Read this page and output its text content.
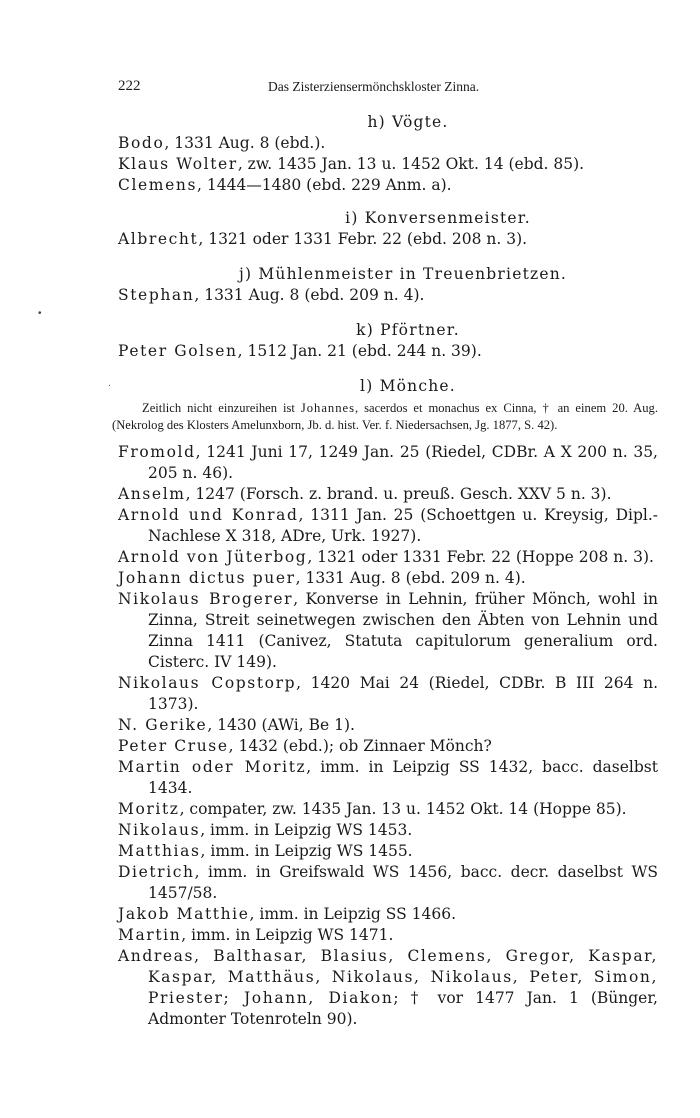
222	Das Zisterziensermönchskloster Zinna.
•
.

h) Vögte.

Bodo, 1331 Aug. 8 (ebd.).

Klaus Wolter, zw. 1435 Jan. 13 u. 1452 Okt. 14 (ebd. 85).

Clemens, 1444—1480 (ebd. 229 Anm. a).

i) Konversenmeister.

Albrecht, 1321 oder 1331 Febr. 22 (ebd. 208 n. 3).

j) Mühlenmeister in Treuenbrietzen.

Stephan, 1331 Aug. 8 (ebd. 209 n. 4).

k) Pförtner.

Peter Golsen, 1512 Jan. 21 (ebd. 244 n. 39).

l) Mönche.

Zeitlich nicht einzureihen ist Johannes, sacerdos et monachus ex Cinna, † an einem 20. Aug. (Nekrolog des Klosters Amelunxborn, Jb. d. hist. Ver. f. Niedersachsen, Jg. 1877, S. 42).

Fromold, 1241 Juni 17, 1249 Jan. 25 (Riedel, CDBr. A X 200 n. 35, 205 n. 46).

Anselm, 1247 (Forsch. z. brand. u. preuß. Gesch. XXV 5 n. 3).

Arnold und Konrad, 1311 Jan. 25 (Schoettgen u. Kreysig, Dipl.-Nachlese X 318, ADre, Urk. 1927).

Arnold von Jüterbog, 1321 oder 1331 Febr. 22 (Hoppe 208 n. 3).

Johann dictus puer, 1331 Aug. 8 (ebd. 209 n. 4).

Nikolaus Brogerer, Konverse in Lehnin, früher Mönch, wohl in Zinna, Streit seinetwegen zwischen den Äbten von Lehnin und Zinna 1411 (Canivez, Statuta capitulorum generalium ord. Cisterc. IV 149).

Nikolaus Copstorp, 1420 Mai 24 (Riedel, CDBr. B III 264 n. 1373).

N. Gerike, 1430 (AWi, Be 1).

Peter Cruse, 1432 (ebd.); ob Zinnaer Mönch?

Martin oder Moritz, imm. in Leipzig SS 1432, bacc. daselbst 1434.

Moritz, compater, zw. 1435 Jan. 13 u. 1452 Okt. 14 (Hoppe 85).

Nikolaus, imm. in Leipzig WS 1453.

Matthias, imm. in Leipzig WS 1455.

Dietrich, imm. in Greifswald WS 1456, bacc. decr. daselbst WS 1457/58.

Jakob Matthie, imm. in Leipzig SS 1466.

Martin, imm. in Leipzig WS 1471.

Andreas, Balthasar, Blasius, Clemens, Gregor, Kaspar, Kaspar, Matthäus, Nikolaus, Nikolaus, Peter, Simon, Priester; Johann, Diakon; † vor 1477 Jan. 1 (Bünger, Admonter Totenroteln 90).
